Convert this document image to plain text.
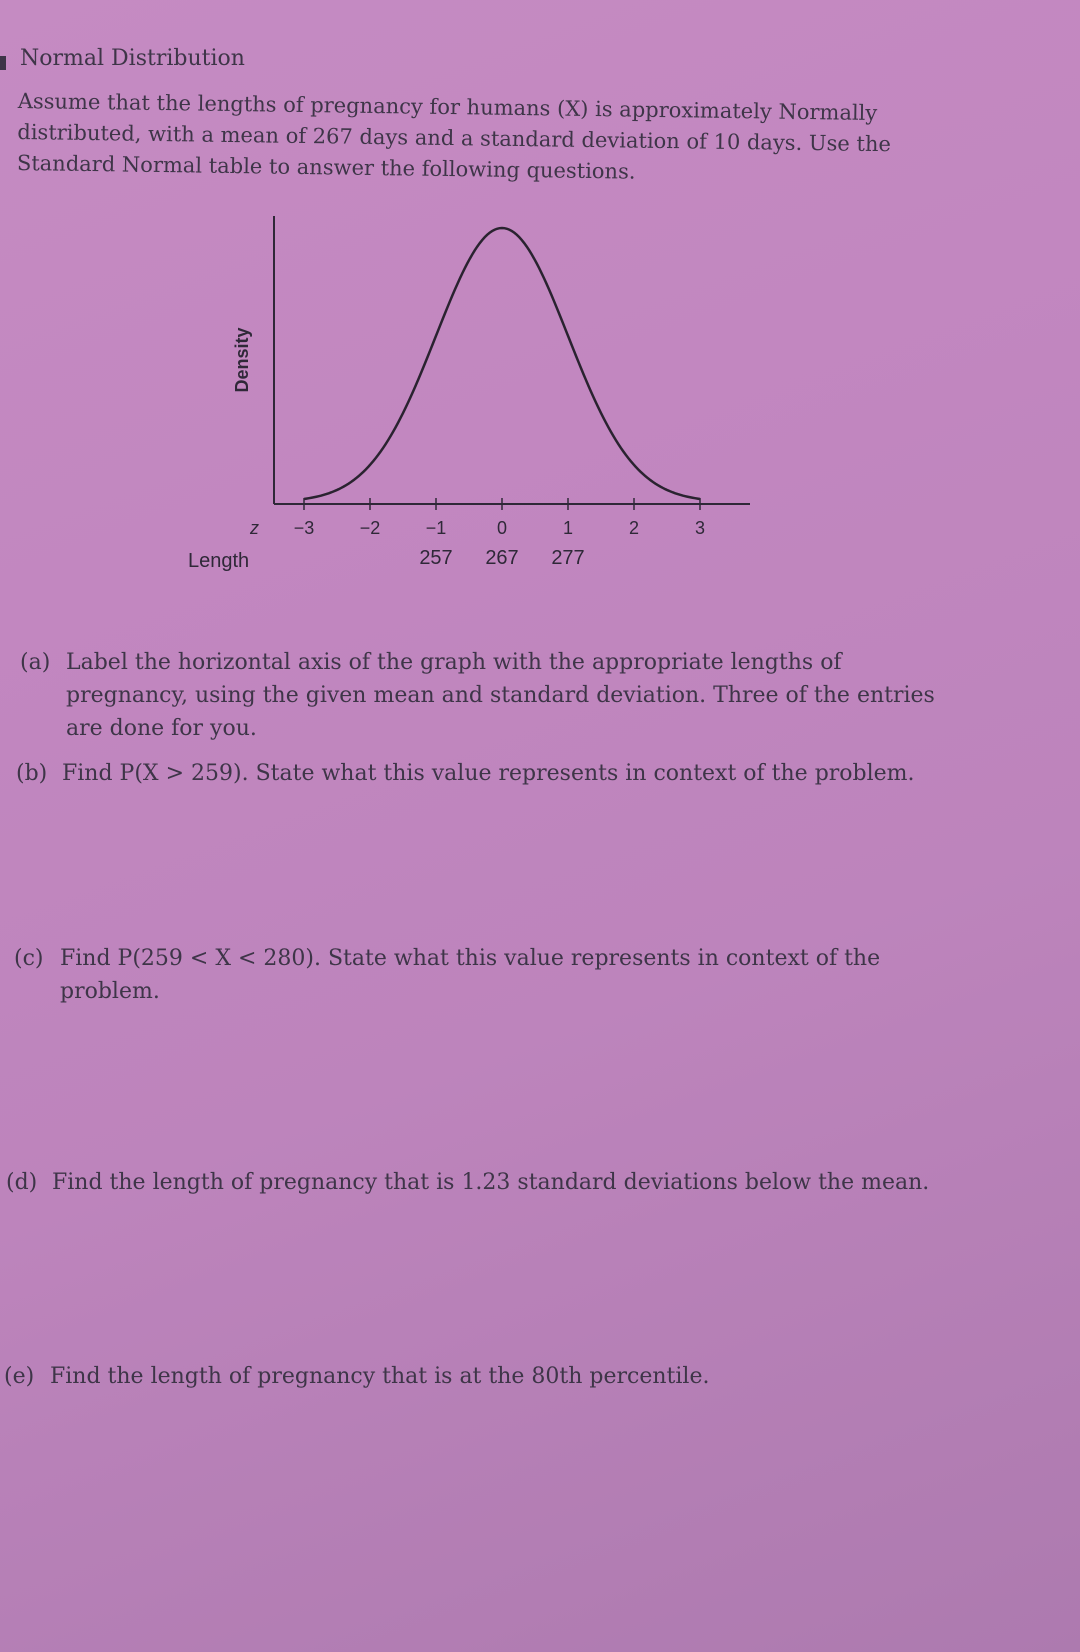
Normal Distribution

Assume that the lengths of pregnancy for humans (X) is approximately Normally
distributed, with a mean of 267 days and a standard deviation of 10 days. Use the
Standard Normal table to answer the following questions.

Density
−3	−2	−1	0	1	2	3
257 267 277
z
Length
(a) Label the horizontal axis of the graph with the appropriate lengths of
pregnancy, using the given mean and standard deviation. Three of the entries
are done for you.
(b) Find P(X > 259). State what this value represents in context of the problem.
(c) Find P(259 < X < 280). State what this value represents in context of the
problem.
(d) Find the length of pregnancy that is 1.23 standard deviations below the mean.
(e) Find the length of pregnancy that is at the 80th percentile.
